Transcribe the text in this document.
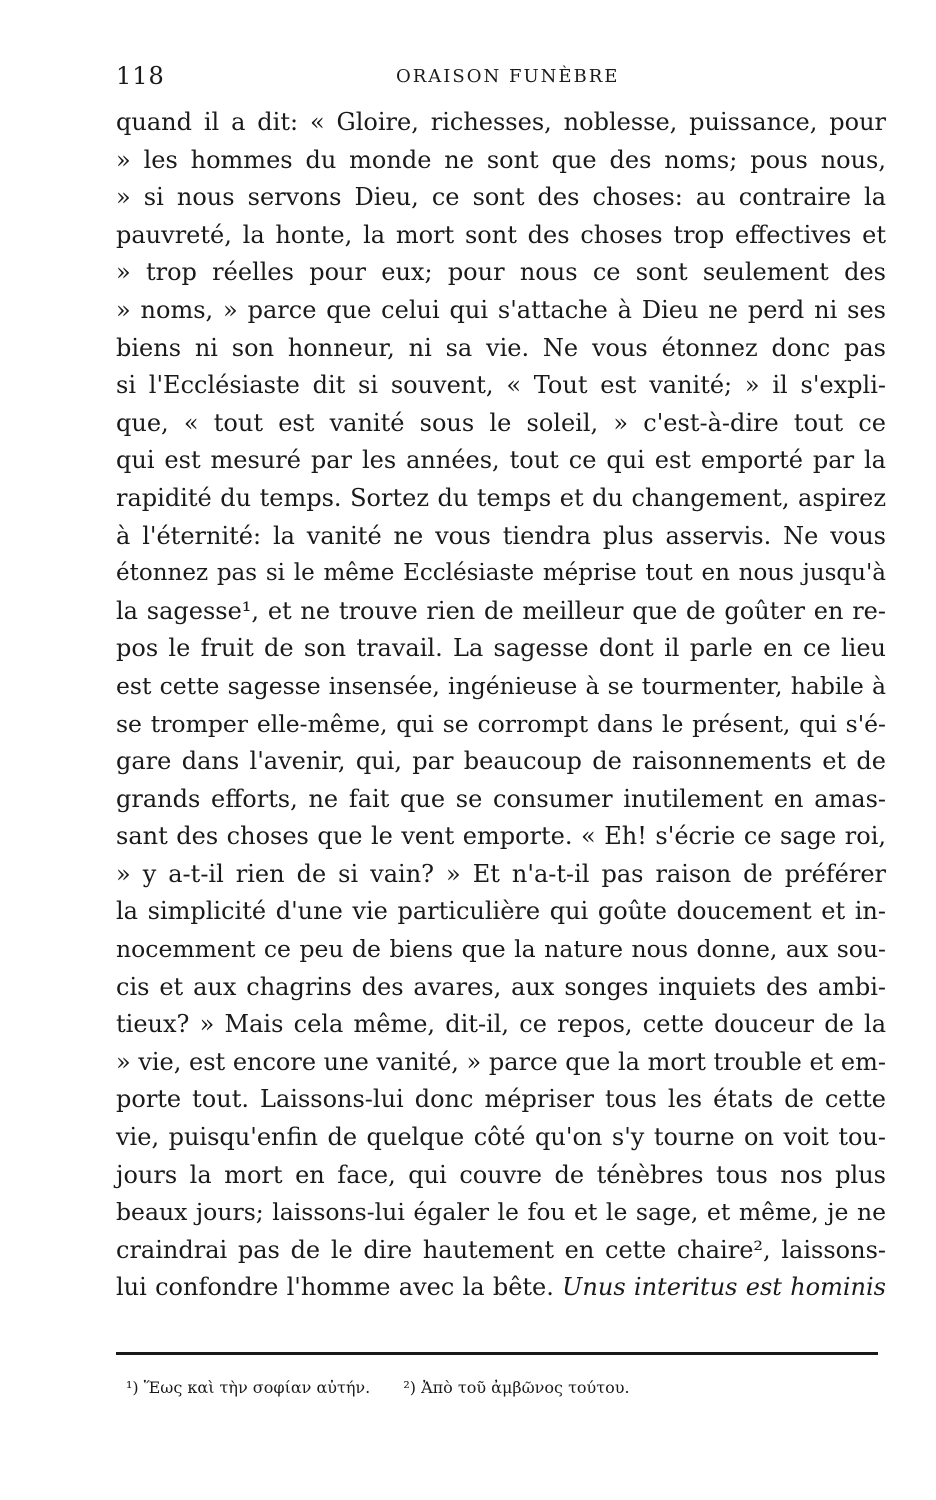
118	ORAISON FUNÈBRE
quand il a dit: « Gloire, richesses, noblesse, puissance, pour
» les hommes du monde ne sont que des noms; pous nous,
» si nous servons Dieu, ce sont des choses: au contraire la
pauvreté, la honte, la mort sont des choses trop effectives et
» trop réelles pour eux; pour nous ce sont seulement des
» noms, » parce que celui qui s'attache à Dieu ne perd ni ses
biens ni son honneur, ni sa vie. Ne vous étonnez donc pas
si l'Ecclésiaste dit si souvent, « Tout est vanité; » il s'expli-
que, « tout est vanité sous le soleil, » c'est-à-dire tout ce
qui est mesuré par les années, tout ce qui est emporté par la
rapidité du temps. Sortez du temps et du changement, aspirez
à l'éternité: la vanité ne vous tiendra plus asservis. Ne vous
étonnez pas si le même Ecclésiaste méprise tout en nous jusqu'à
la sagesse¹, et ne trouve rien de meilleur que de goûter en re-
pos le fruit de son travail. La sagesse dont il parle en ce lieu
est cette sagesse insensée, ingénieuse à se tourmenter, habile à
se tromper elle-même, qui se corrompt dans le présent, qui s'é-
gare dans l'avenir, qui, par beaucoup de raisonnements et de
grands efforts, ne fait que se consumer inutilement en amas-
sant des choses que le vent emporte. « Eh! s'écrie ce sage roi,
» y a-t-il rien de si vain? » Et n'a-t-il pas raison de préférer
la simplicité d'une vie particulière qui goûte doucement et in-
nocemment ce peu de biens que la nature nous donne, aux sou-
cis et aux chagrins des avares, aux songes inquiets des ambi-
tieux? » Mais cela même, dit-il, ce repos, cette douceur de la
» vie, est encore une vanité, » parce que la mort trouble et em-
porte tout. Laissons-lui donc mépriser tous les états de cette
vie, puisqu'enfin de quelque côté qu'on s'y tourne on voit tou-
jours la mort en face, qui couvre de ténèbres tous nos plus
beaux jours; laissons-lui égaler le fou et le sage, et même, je ne
craindrai pas de le dire hautement en cette chaire², laissons-
lui confondre l'homme avec la bête. Unus interitus est hominis
¹) Ἕως καὶ τὴν σοφίαν αὐτήν. ²) Ἀπὸ τοῦ ἀμβῶνος τούτου.
